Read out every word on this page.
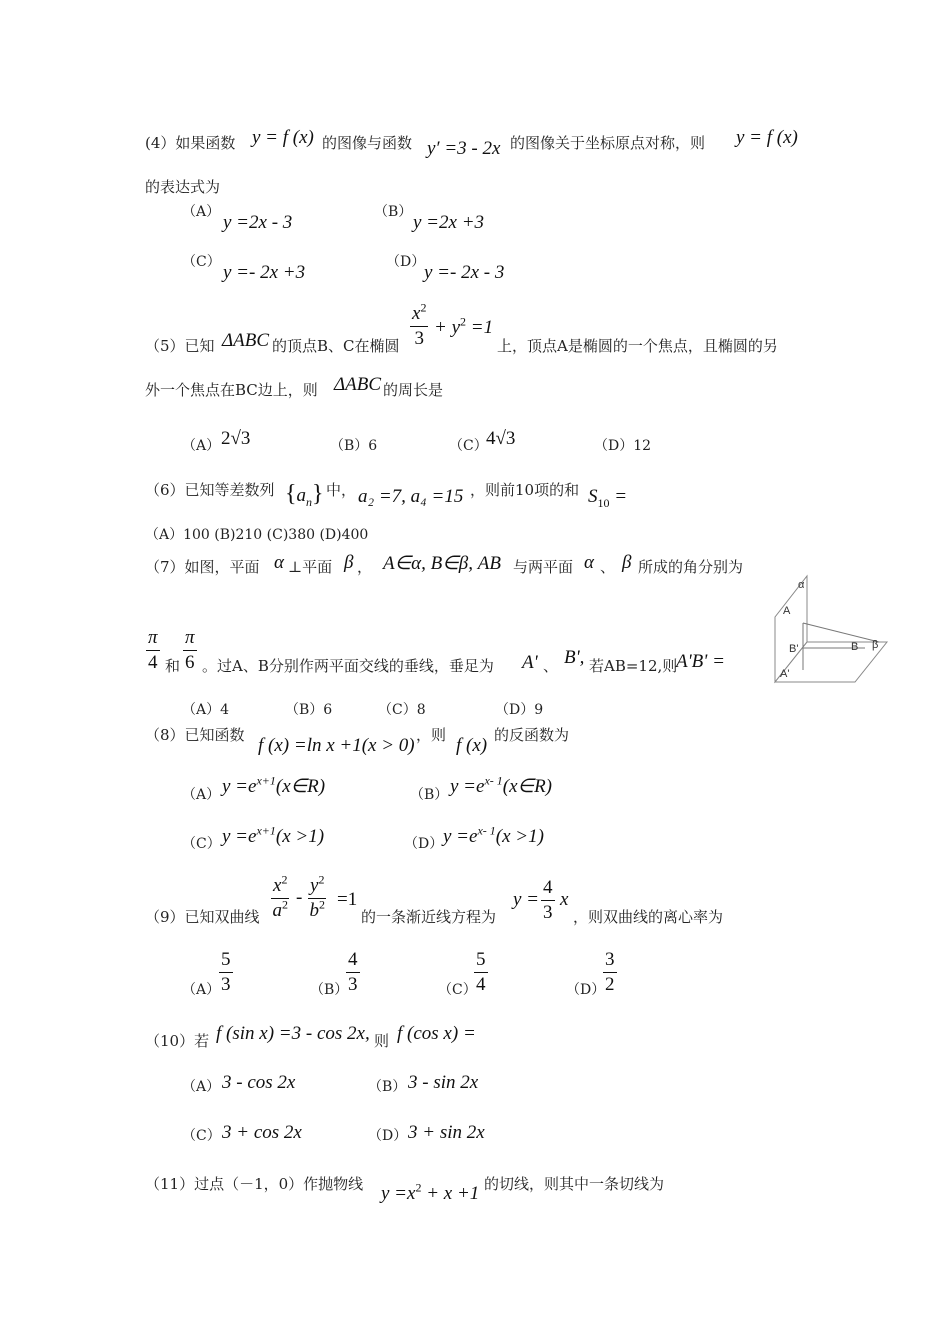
(4）如果函数 y = f (x) 的图像与函数 y′ =3 - 2x 的图像关于坐标原点对称，则 y = f (x)
的表达式为
（A） y =2x - 3	（B） y =2x +3
（C） y =- 2x +3	（D）
y =- 2x - 3
（5）已知 ΔABC 的顶点B、C在椭圆 $\frac{x^2}{3} + y^2 =1$
上，顶点A是椭圆的一个焦点，且椭圆的另
外一个焦点在BC边上，则 ΔABC 的周长是
（A） 2√3	（B）6	（C）
4√3	（D）12
（6）已知等差数列 $\{a_n\}$ 中， a₂ =7, a₄ =15 ，则前10项的和 $S_{10}$ =
（A）100 (B)210 (C)380 (D)400
（7）如图，平面 α ⊥平面 β ， A∈α, B∈β, AB 与两平面 α 、 β 所成的角分别为
$\frac{\pi}{4}$ 和 $\frac{\pi}{6}$ 。过A、B分别作两平面交线的垂线，垂足为 A' 、 B', 若AB=12,则
A'B' =
α
A
B β
B'
A'
（A）4	（B）6	（C）8	（D）9
（8）已知函数 f (x) =ln x +1(x > 0) ，则 f (x) 的反函数为
（A） $y =e^{x+1}(x\in R)$	（B） $y =e^{x- 1}(x\in R)$
（C） $y =e^{x+1}(x >1)$	（D） $y =e^{x- 1}(x >1)$
（9）已知双曲线 $\frac{x^2}{a^2} - \frac{y^2}{b^2} =1$
的一条渐近线方程为
$y = \frac{4}{3}$ x
，则双曲线的离心率为
（A）
$\frac{5}{3}$	（B）
$\frac{4}{3}$	（C）
$\frac{5}{4}$	（D）
$\frac{3}{2}$
（10）若 f (sin x) =3 - cos 2x, 则 f (cos x) =
（A） 3 - cos 2x	（B） 3 - sin 2x
（C） 3 + cos 2x	（D） 3 + sin 2x
（11）过点（－1，0）作抛物线 $y =x^2 + x +1$ 的切线，则其中一条切线为
